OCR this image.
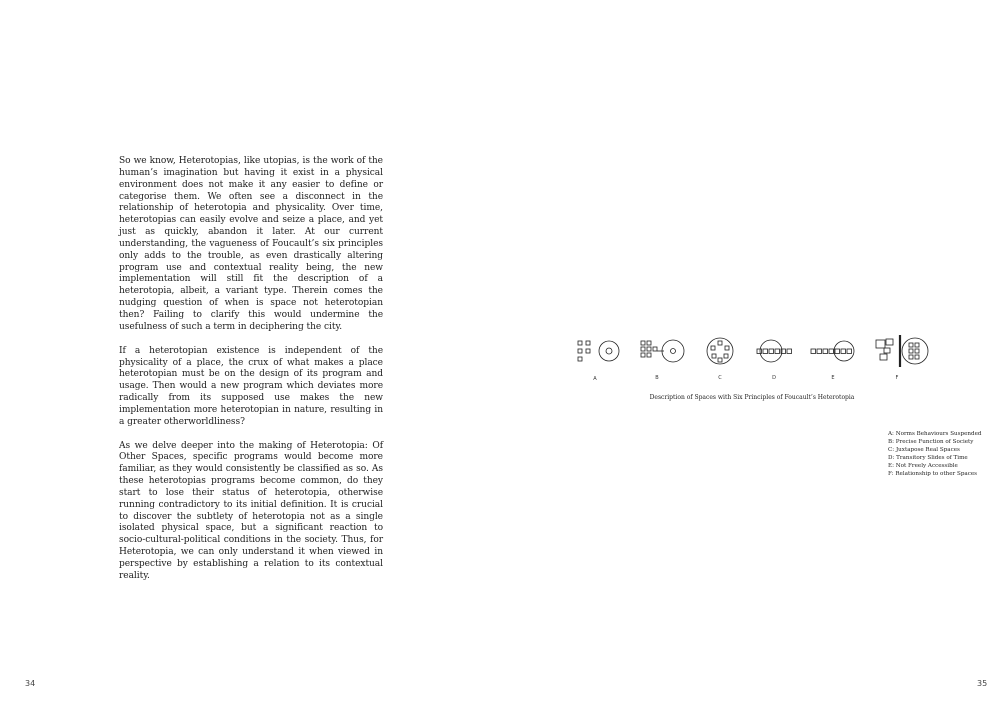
So we know, Heterotopias, like utopias, is the work of the human’s imagination but having it exist in a physical environment does not make it any easier to define or categorise them. We often see a disconnect in the relationship of heterotopia and physicality. Over time, heterotopias can easily evolve and seize a place, and yet just as quickly, abandon it later. At our current understanding, the vagueness of Foucault’s six principles only adds to the trouble, as even drastically altering program use and contextual reality being, the new implementation will still fit the description of a heterotopia, albeit, a variant type. Therein comes the nudging question of when is space not heterotopian then? Failing to clarify this would undermine the usefulness of such a term in deciphering the city.

If a heterotopian existence is independent of the physicality of a place, the crux of what makes a place heterotopian must be on the design of its program and usage. Then would a new program which deviates more radically from its supposed use makes the new implementation more heterotopian in nature, resulting in a greater otherworldliness?

As we delve deeper into the making of Heterotopia: Of Other Spaces, specific programs would become more familiar, as they would consistently be classified as so. As these heterotopias programs become common, do they start to lose their status of heterotopia, otherwise running contradictory to its initial definition. It is crucial to discover the subtlety of heterotopia not as a single isolated physical space, but a significant reaction to socio-cultural-political conditions in the society. Thus, for Heterotopia, we can only understand it when viewed in perspective by establishing a relation to its contextual reality.

34
A	B	C	D	E	F
Description of Spaces with Six Principles of Foucault’s Heterotopia
A: Norms Behaviours Suspended
B: Precise Function of Society
C: Juxtapose Real Spaces
D: Transitory Slides of Time
E: Not Freely Accessible
F: Relationship to other Spaces
35
